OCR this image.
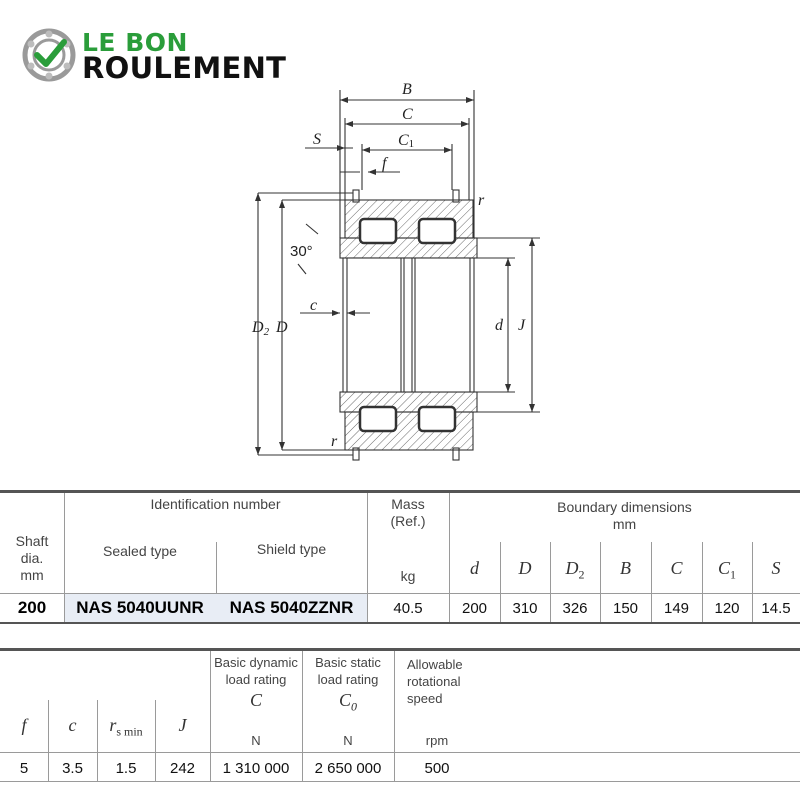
LE BON
ROULEMENT
B
C
C1
S
f
r
r
c
d J
D
D2
30°
Shaft
dia.
mm
Identification number
Sealed type	Shield type
Mass
(Ref.)
kg
Boundary dimensions
mm
d	D	$D_2$	B	C	$C_1$	S
200	NAS 5040UUNR	NAS 5040ZZNR	40.5	200	310	326	150	149	120	14.5
f	c	$r_{s min}$	J
Basic dynamic
load rating
C
N
Basic static
load rating
$C_0$
N
Allowable
rotational
speed
rpm
5	3.5	1.5	242	1 310 000	2 650 000	500
